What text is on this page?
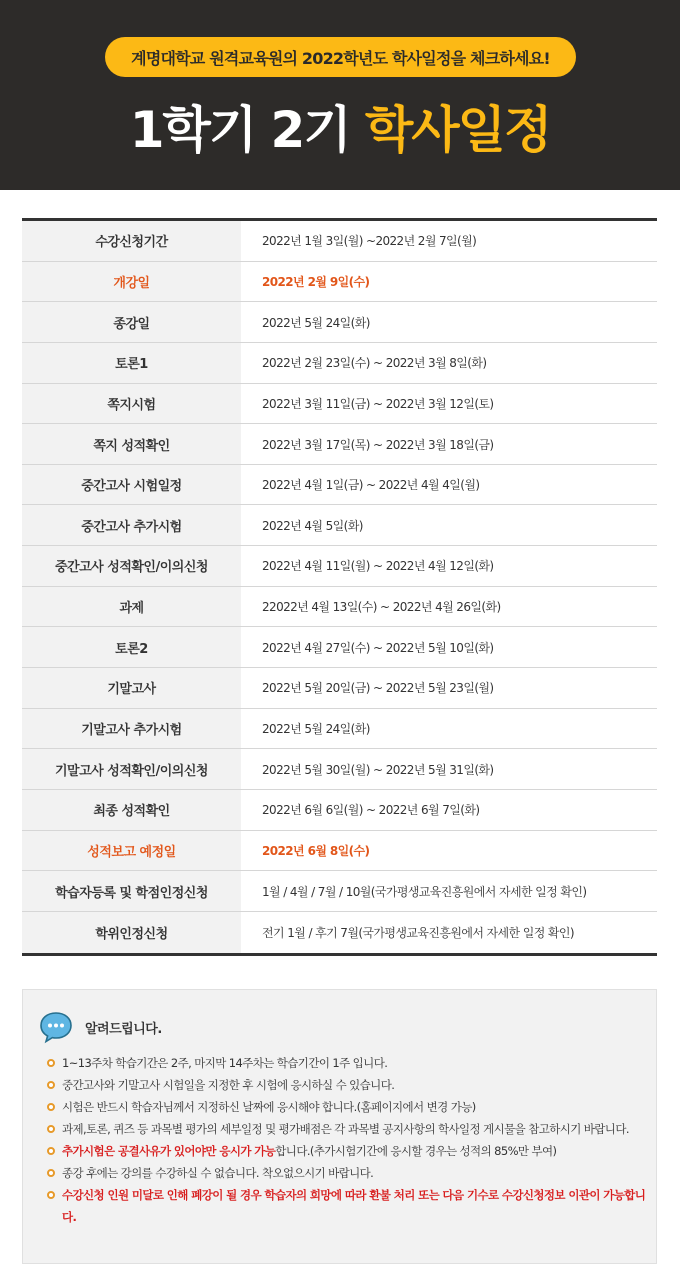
계명대학교 원격교육원의 2022학년도 학사일정을 체크하세요!
1학기 2기 학사일정
수강신청기간	2022년 1월 3일(월) ~2022년 2월 7일(월)
개강일	2022년 2월 9일(수)
종강일	2022년 5월 24일(화)
토론1	2022년 2월 23일(수) ~ 2022년 3월 8일(화)
쪽지시험	2022년 3월 11일(금) ~ 2022년 3월 12일(토)
쪽지 성적확인	2022년 3월 17일(목) ~ 2022년 3월 18일(금)
중간고사 시험일정	2022년 4월 1일(금) ~ 2022년 4월 4일(월)
중간고사 추가시험	2022년 4월 5일(화)
중간고사 성적확인/이의신청	2022년 4월 11일(월) ~ 2022년 4월 12일(화)
과제	22022년 4월 13일(수) ~ 2022년 4월 26일(화)
토론2	2022년 4월 27일(수) ~ 2022년 5월 10일(화)
기말고사	2022년 5월 20일(금) ~ 2022년 5월 23일(월)
기말고사 추가시험	2022년 5월 24일(화)
기말고사 성적확인/이의신청	2022년 5월 30일(월) ~ 2022년 5월 31일(화)
최종 성적확인	2022년 6월 6일(월) ~ 2022년 6월 7일(화)
성적보고 예정일	2022년 6월 8일(수)
학습자등록 및 학점인정신청	1월 / 4월 / 7월 / 10월(국가평생교육진흥원에서 자세한 일정 확인)
학위인정신청	전기 1월 / 후기 7월(국가평생교육진흥원에서 자세한 일정 확인)
알려드립니다.
1~13주차 학습기간은 2주, 마지막 14주차는 학습기간이 1주 입니다.
중간고사와 기말고사 시험일을 지정한 후 시험에 응시하실 수 있습니다.
시험은 반드시 학습자님께서 지정하신 날짜에 응시해야 합니다.(홈페이지에서 변경 가능)
과제,토론, 퀴즈 등 과목별 평가의 세부일정 및 평가배점은 각 과목별 공지사항의 학사일정 게시물을 참고하시기 바랍니다.
추가시험은 공결사유가 있어야만 응시가 가능합니다.(추가시험기간에 응시할 경우는 성적의 85%만 부여)
종강 후에는 강의를 수강하실 수 없습니다. 착오없으시기 바랍니다.
수강신청 인원 미달로 인해 폐강이 될 경우 학습자의 희망에 따라 환불 처리 또는 다음 기수로 수강신청정보 이관이 가능합니다.
